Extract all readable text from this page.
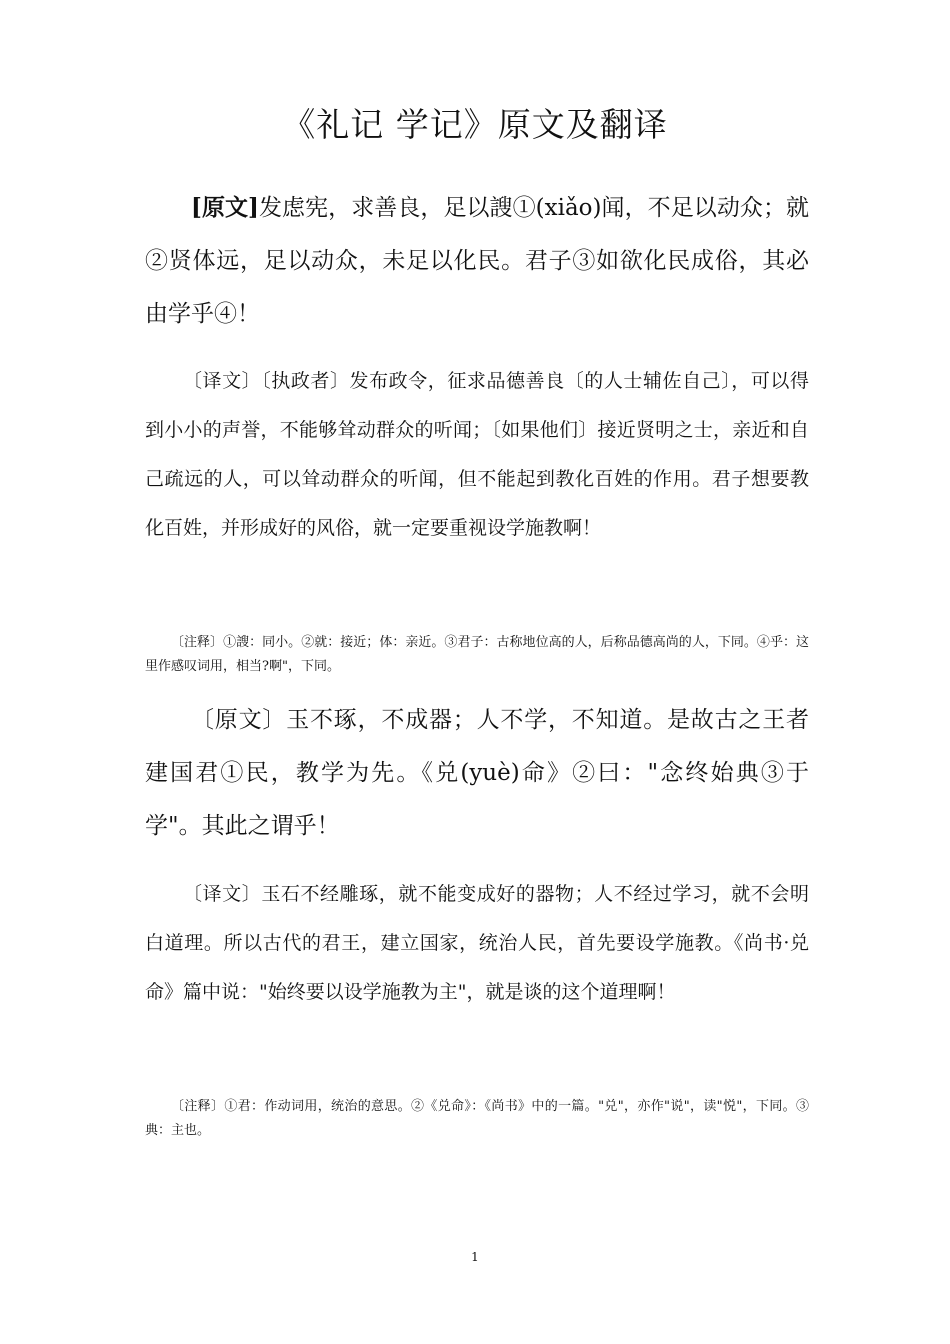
《礼记 学记》原文及翻译

[原文]发虑宪，求善良，足以謏①(xiǎo)闻，不足以动众；就②贤体远，足以动众，未足以化民。君子③如欲化民成俗，其必由学乎④！

〔译文〕〔执政者〕发布政令，征求品德善良〔的人士辅佐自己〕，可以得到小小的声誉，不能够耸动群众的听闻；〔如果他们〕接近贤明之士，亲近和自己疏远的人，可以耸动群众的听闻，但不能起到教化百姓的作用。君子想要教化百姓，并形成好的风俗，就一定要重视设学施教啊！

〔注释〕①謏：同小。②就：接近；体：亲近。③君子：古称地位高的人，后称品德高尚的人，下同。④乎：这里作感叹词用，相当?啊"，下同。

〔原文〕玉不琢，不成器；人不学，不知道。是故古之王者建国君①民，教学为先。《兑(yuè)命》②曰："念终始典③于学"。其此之谓乎！

〔译文〕玉石不经雕琢，就不能变成好的器物；人不经过学习，就不会明白道理。所以古代的君王，建立国家，统治人民，首先要设学施教。《尚书·兑命》篇中说："始终要以设学施教为主"，就是谈的这个道理啊！

〔注释〕①君：作动词用，统治的意思。②《兑命》：《尚书》中的一篇。"兑"，亦作"说"，读"悦"，下同。③典：主也。

1
